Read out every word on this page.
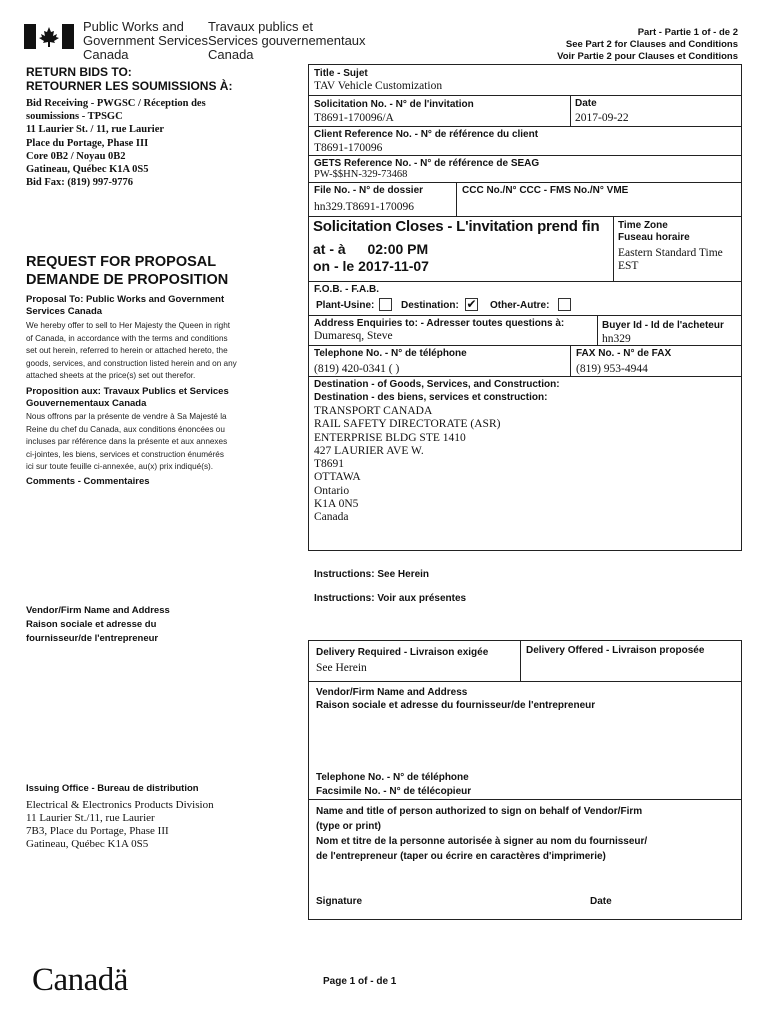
Public Works and
Government Services
Canada
Travaux publics et
Services gouvernementaux
Canada
Part - Partie 1 of - de 2
See Part 2 for Clauses and Conditions
Voir Partie 2 pour Clauses et Conditions
RETURN BIDS TO:
RETOURNER LES SOUMISSIONS À:
Bid Receiving - PWGSC / Réception des
soumissions - TPSGC
11 Laurier St. / 11, rue Laurier
Place du Portage, Phase III
Core 0B2 / Noyau 0B2
Gatineau, Québec K1A 0S5
Bid Fax: (819) 997-9776
REQUEST FOR PROPOSAL
DEMANDE DE PROPOSITION
Proposal To: Public Works and Government
Services Canada
We hereby offer to sell to Her Majesty the Queen in right
of Canada, in accordance with the terms and conditions
set out herein, referred to herein or attached hereto, the
goods, services, and construction listed herein and on any
attached sheets at the price(s) set out therefor.
Proposition aux: Travaux Publics et Services
Gouvernementaux Canada
Nous offrons par la présente de vendre à Sa Majesté la
Reine du chef du Canada, aux conditions énoncées ou
incluses par référence dans la présente et aux annexes
ci-jointes, les biens, services et construction énumérés
ici sur toute feuille ci-annexée, au(x) prix indiqué(s).
Comments - Commentaires
Vendor/Firm Name and Address
Raison sociale et adresse du
fournisseur/de l'entrepreneur
Issuing Office - Bureau de distribution
Electrical & Electronics Products Division
11 Laurier St./11, rue Laurier
7B3, Place du Portage, Phase III
Gatineau, Québec K1A 0S5
Title - Sujet
TAV Vehicle Customization
Solicitation No. - N° de l'invitation
T8691-170096/A
Date
2017-09-22
Client Reference No. - N° de référence du client
T8691-170096
GETS Reference No. - N° de référence de SEAG
PW-$$HN-329-73468
File No. - N° de dossier
hn329.T8691-170096
CCC No./N° CCC - FMS No./N° VME
Solicitation Closes - L'invitation prend fin
at - à 02:00 PM
on - le 2017-11-07
Time Zone
Fuseau horaire
Eastern Standard Time
EST
F.O.B. - F.A.B.
Plant-Usine:	Destination: ✔ Other-Autre:
Address Enquiries to: - Adresser toutes questions à:
Dumaresq, Steve
Buyer Id - Id de l'acheteur
hn329
Telephone No. - N° de téléphone
(819) 420-0341 ( )
FAX No. - N° de FAX
(819) 953-4944
Destination - of Goods, Services, and Construction:
Destination - des biens, services et construction:
TRANSPORT CANADA
RAIL SAFETY DIRECTORATE (ASR)
ENTERPRISE BLDG STE 1410
427 LAURIER AVE W.
T8691
OTTAWA
Ontario
K1A 0N5
Canada
Instructions: See Herein
Instructions: Voir aux présentes
Delivery Required - Livraison exigée
See Herein
Delivery Offered - Livraison proposée
Vendor/Firm Name and Address
Raison sociale et adresse du fournisseur/de l'entrepreneur
Telephone No. - N° de téléphone
Facsimile No. - N° de télécopieur
Name and title of person authorized to sign on behalf of Vendor/Firm
(type or print)
Nom et titre de la personne autorisée à signer au nom du fournisseur/
de l'entrepreneur (taper ou écrire en caractères d'imprimerie)
Signature	Date
Page 1 of - de 1
Canadä
